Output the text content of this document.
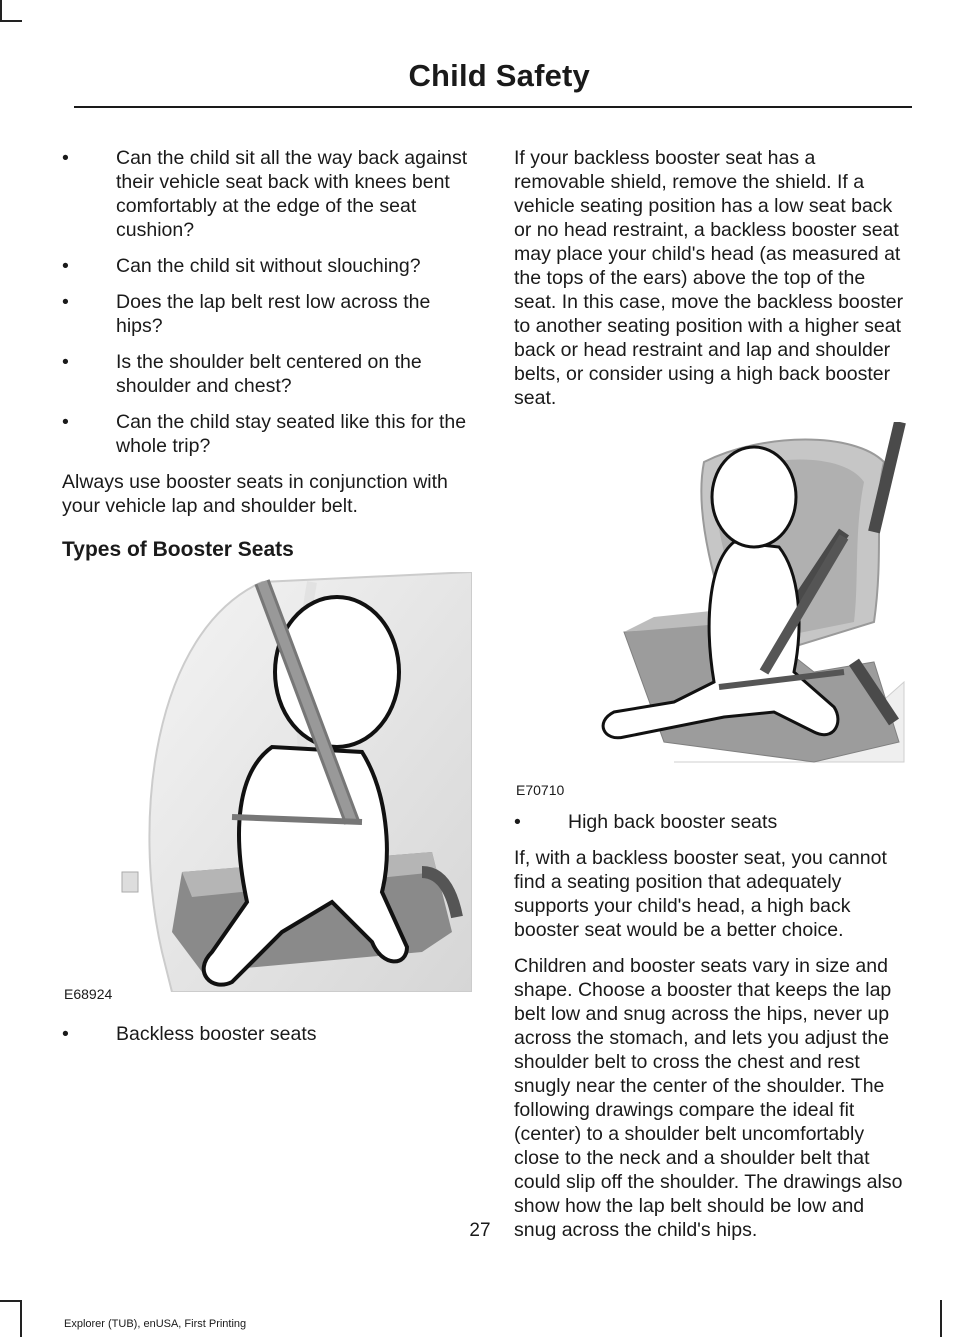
Child Safety
• Can the child sit all the way back against their vehicle seat back with knees bent comfortably at the edge of the seat cushion?
• Can the child sit without slouching?
• Does the lap belt rest low across the hips?
• Is the shoulder belt centered on the shoulder and chest?
• Can the child stay seated like this for the whole trip?

Always use booster seats in conjunction with your vehicle lap and shoulder belt.

Types of Booster Seats
E68924
• Backless booster seats

If your backless booster seat has a removable shield, remove the shield. If a vehicle seating position has a low seat back or no head restraint, a backless booster seat may place your child's head (as measured at the tops of the ears) above the top of the seat. In this case, move the backless booster to another seating position with a higher seat back or head restraint and lap and shoulder belts, or consider using a high back booster seat.

E70710
• High back booster seats

If, with a backless booster seat, you cannot find a seating position that adequately supports your child's head, a high back booster seat would be a better choice.

Children and booster seats vary in size and shape. Choose a booster that keeps the lap belt low and snug across the hips, never up across the stomach, and lets you adjust the shoulder belt to cross the chest and rest snugly near the center of the shoulder. The following drawings compare the ideal fit (center) to a shoulder belt uncomfortably close to the neck and a shoulder belt that could slip off the shoulder. The drawings also show how the lap belt should be low and snug across the child's hips.

27
Explorer (TUB), enUSA, First Printing
